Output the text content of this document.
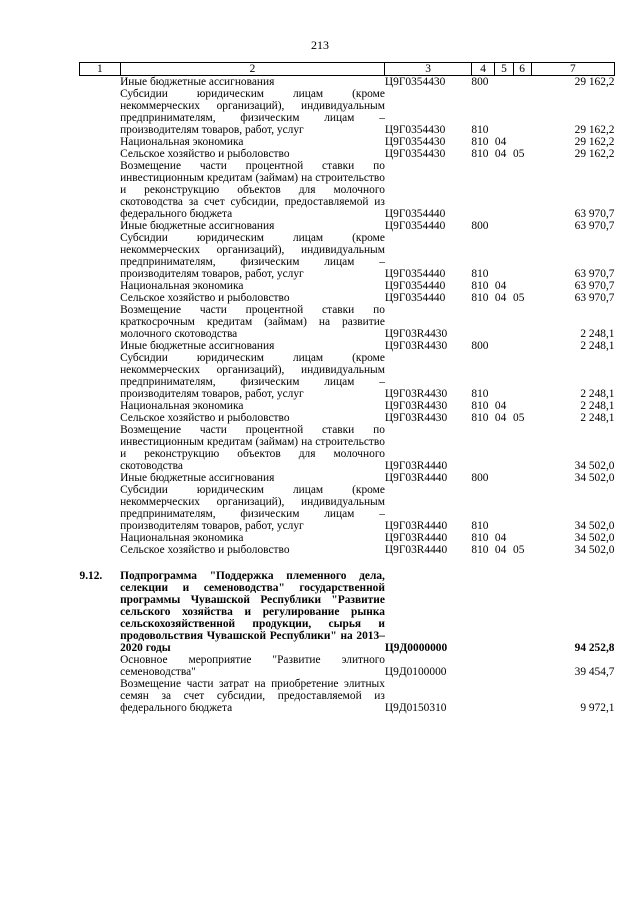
213
1	2	3	4	5	6	7
	Иные бюджетные ассигнования	Ц9Г0354430	800			29 162,2
	Субсидии юридическим лицам (кроме некоммерческих организаций), индивидуальным предпринимателям, физическим лицам – производителям товаров, работ, услуг	Ц9Г0354430	810			29 162,2
	Национальная экономика	Ц9Г0354430	810	04		29 162,2
	Сельское хозяйство и рыболовство	Ц9Г0354430	810	04	05	29 162,2
	Возмещение части процентной ставки по инвестиционным кредитам (займам) на строительство и реконструкцию объектов для молочного скотоводства за счет субсидии, предоставляемой из федерального бюджета	Ц9Г0354440				63 970,7
	Иные бюджетные ассигнования	Ц9Г0354440	800			63 970,7
	Субсидии юридическим лицам (кроме некоммерческих организаций), индивидуальным предпринимателям, физическим лицам – производителям товаров, работ, услуг	Ц9Г0354440	810			63 970,7
	Национальная экономика	Ц9Г0354440	810	04		63 970,7
	Сельское хозяйство и рыболовство	Ц9Г0354440	810	04	05	63 970,7
	Возмещение части процентной ставки по краткосрочным кредитам (займам) на развитие молочного скотоводства	Ц9Г03R4430				2 248,1
	Иные бюджетные ассигнования	Ц9Г03R4430	800			2 248,1
	Субсидии юридическим лицам (кроме некоммерческих организаций), индивидуальным предпринимателям, физическим лицам – производителям товаров, работ, услуг	Ц9Г03R4430	810			2 248,1
	Национальная экономика	Ц9Г03R4430	810	04		2 248,1
	Сельское хозяйство и рыболовство	Ц9Г03R4430	810	04	05	2 248,1
	Возмещение части процентной ставки по инвестиционным кредитам (займам) на строительство и реконструкцию объектов для молочного скотоводства	Ц9Г03R4440				34 502,0
	Иные бюджетные ассигнования	Ц9Г03R4440	800			34 502,0
	Субсидии юридическим лицам (кроме некоммерческих организаций), индивидуальным предпринимателям, физическим лицам – производителям товаров, работ, услуг	Ц9Г03R4440	810			34 502,0
	Национальная экономика	Ц9Г03R4440	810	04		34 502,0
	Сельское хозяйство и рыболовство	Ц9Г03R4440	810	04	05	34 502,0

9.12.	Подпрограмма "Поддержка племенного дела, селекции и семеноводства" государственной программы Чувашской Республики "Развитие сельского хозяйства и регулирование рынка сельскохозяйственной продукции, сырья и продовольствия Чувашской Республики" на 2013–2020 годы	Ц9Д0000000				94 252,8
	Основное мероприятие "Развитие элитного семеноводства"	Ц9Д0100000				39 454,7
	Возмещение части затрат на приобретение элитных семян за счет субсидии, предоставляемой из федерального бюджета	Ц9Д0150310				9 972,1
